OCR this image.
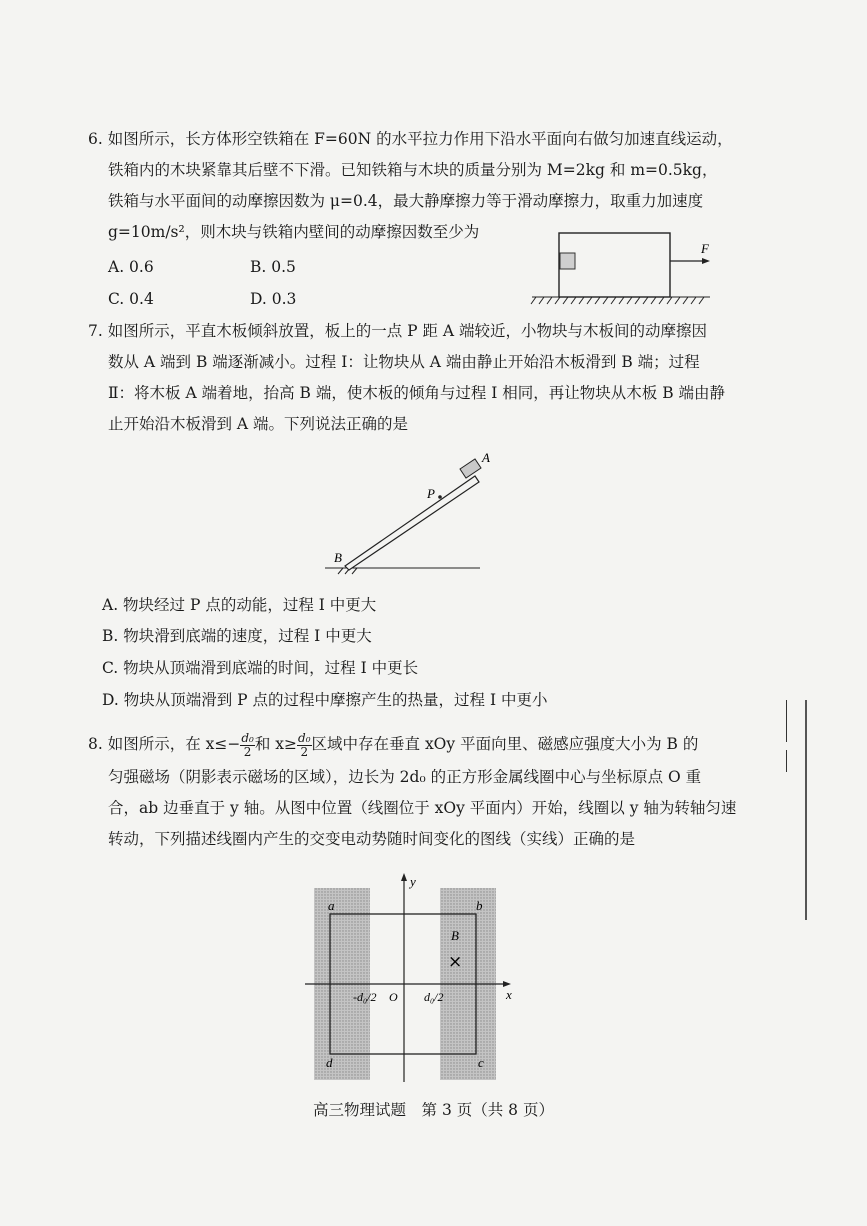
6. 如图所示，长方体形空铁箱在 F=60N 的水平拉力作用下沿水平面向右做匀加速直线运动，

铁箱内的木块紧靠其后壁不下滑。已知铁箱与木块的质量分别为 M=2kg 和 m=0.5kg，

铁箱与水平面间的动摩擦因数为 μ=0.4，最大静摩擦力等于滑动摩擦力，取重力加速度

g=10m/s²，则木块与铁箱内壁间的动摩擦因数至少为

A. 0.6	B. 0.5
C. 0.4	D. 0.3
F

7. 如图所示，平直木板倾斜放置，板上的一点 P 距 A 端较近，小物块与木板间的动摩擦因

数从 A 端到 B 端逐渐减小。过程 Ⅰ：让物块从 A 端由静止开始沿木板滑到 B 端；过程

Ⅱ：将木板 A 端着地，抬高 B 端，使木板的倾角与过程 Ⅰ 相同，再让物块从木板 B 端由静

止开始沿木板滑到 A 端。下列说法正确的是

A
P
B
A. 物块经过 P 点的动能，过程 Ⅰ 中更大
B. 物块滑到底端的速度，过程 Ⅰ 中更大
C. 物块从顶端滑到底端的时间，过程 Ⅰ 中更长
D. 物块从顶端滑到 P 点的过程中摩擦产生的热量，过程 Ⅰ 中更小

8. 如图所示，在 $x\le- \frac{\text{d₀}}{2}$ 和 $x\ge \frac{\text{d₀}}{2}$ 区域中存在垂直 xOy 平面向里、磁感应强度大小为 B 的

匀强磁场（阴影表示磁场的区域），边长为 2d₀ 的正方形金属线圈中心与坐标原点 O 重

合，ab 边垂直于 y 轴。从图中位置（线圈位于 xOy 平面内）开始，线圈以 y 轴为转轴匀速

转动，下列描述线圈内产生的交变电动势随时间变化的图线（实线）正确的是

y
x
a	b
c
d
B
×
-d₀/2 O d₀/2
高三物理试题　第 3 页（共 8 页）
